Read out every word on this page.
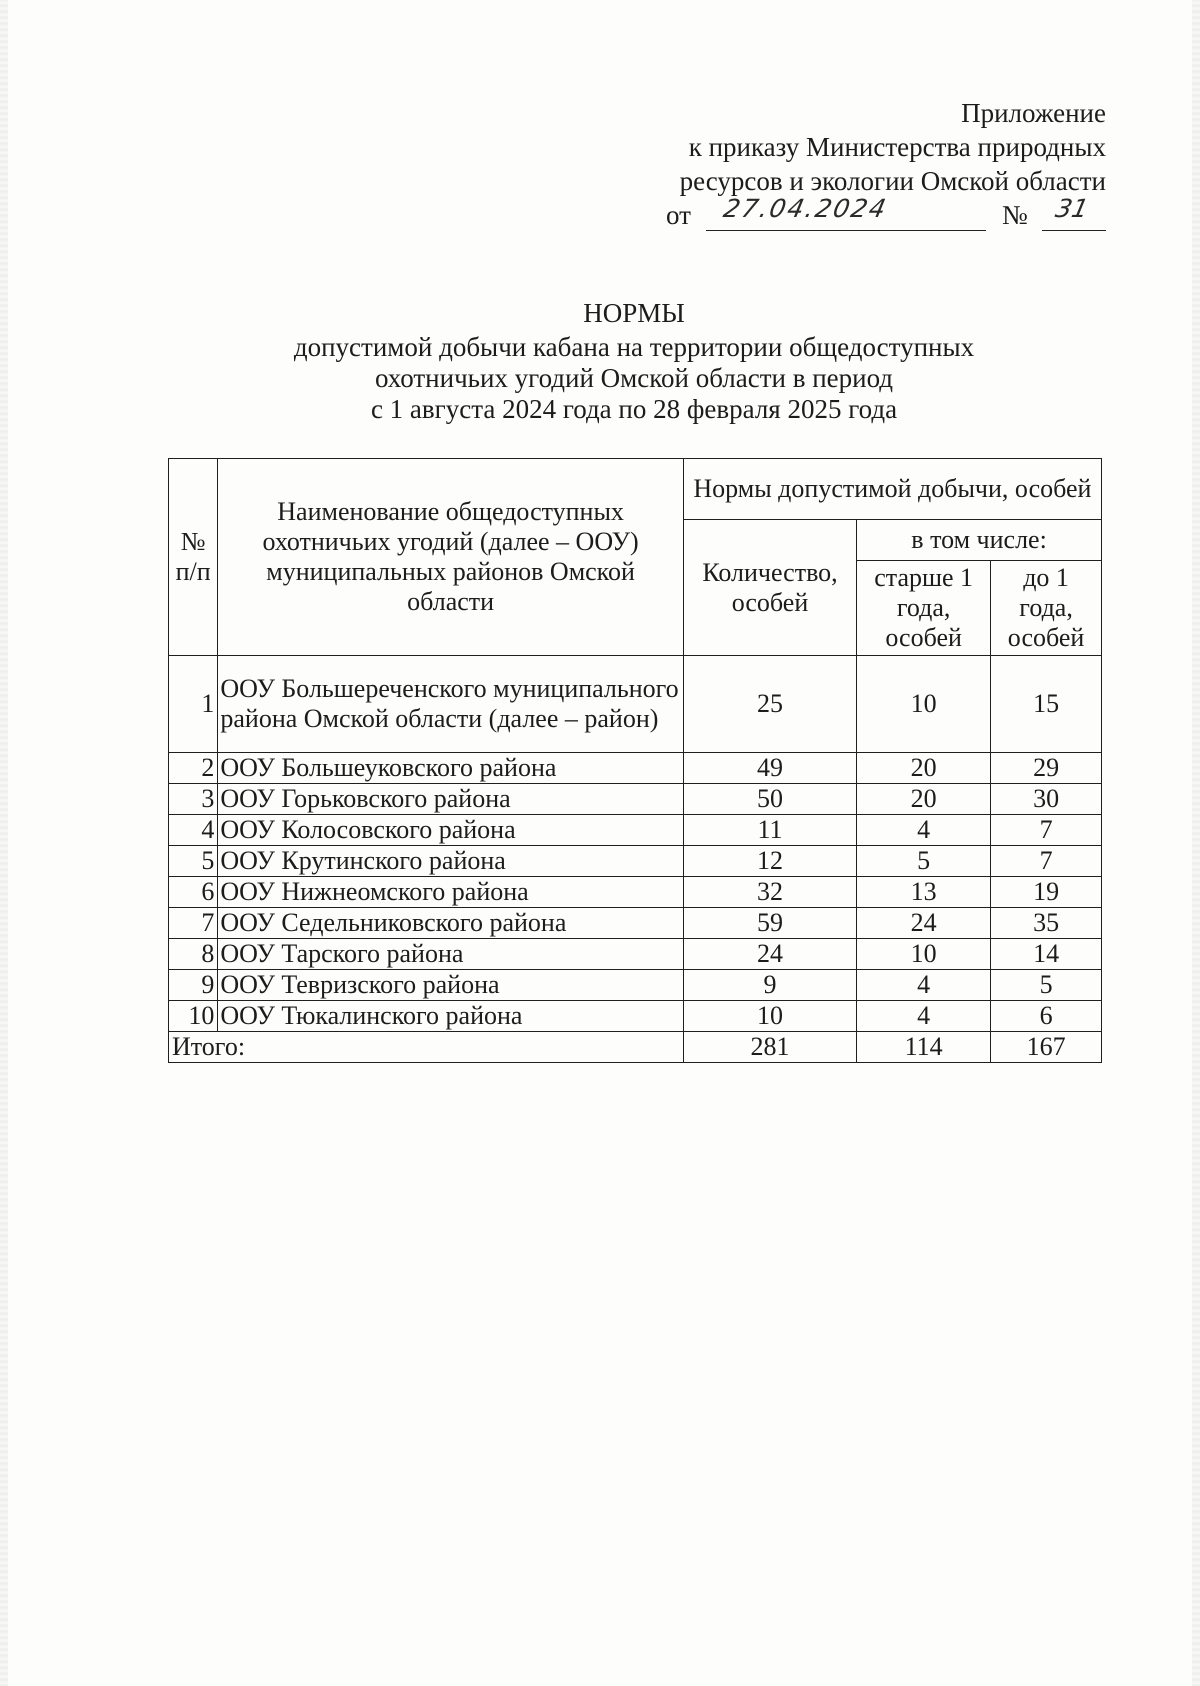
Приложение
к приказу Министерства природных
ресурсов и экологии Омской области
от 27.04.2024	№ 31
НОРМЫ
допустимой добычи кабана на территории общедоступных
охотничьих угодий Омской области в период
с 1 августа 2024 года по 28 февраля 2025 года
№ п/п	Наименование общедоступных охотничьих угодий (далее – ООУ) муниципальных районов Омской области	Нормы допустимой добычи, особей		
		Количество, особей	в том числе:	
			старше 1 года, особей	до 1 года, особей
1	ООУ Большереченского муниципального района Омской области (далее – район)	25	10	15
2	ООУ Большеуковского района	49	20	29
3	ООУ Горьковского района	50	20	30
4	ООУ Колосовского района	11	4	7
5	ООУ Крутинского района	12	5	7
6	ООУ Нижнеомского района	32	13	19
7	ООУ Седельниковского района	59	24	35
8	ООУ Тарского района	24	10	14
9	ООУ Тевризского района	9	4	5
10	ООУ Тюкалинского района	10	4	6
Итого:		281	114	167
